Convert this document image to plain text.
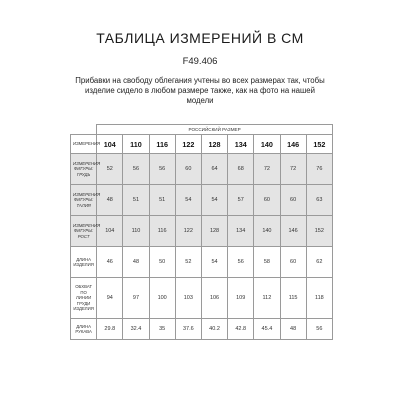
ТАБЛИЦА ИЗМЕРЕНИЙ В СМ
F49.406
Прибавки на свободу облегания учтены во всех размерах так, чтобы изделие сидело в любом размере также, как на фото на нашей модели
	РОССИЙСКИЙ РАЗМЕР								
ИЗМЕРЕНИЯ	104	110	116	122	128	134	140	146	152
ИЗМЕРЕНИЯ ФИГУРЫ: ГРУДЬ	52	56	56	60	64	68	72	72	76
ИЗМЕРЕНИЯ ФИГУРЫ: ТАЛИЯ	48	51	51	54	54	57	60	60	63
ИЗМЕРЕНИЯ ФИГУРЫ: РОСТ	104	110	116	122	128	134	140	146	152
ДЛИНА ИЗДЕЛИЯ	46	48	50	52	54	56	58	60	62
ОБХВАТ ПО ЛИНИИ ГРУДИ ИЗДЕЛИЯ	94	97	100	103	106	109	112	115	118
ДЛИНА РУКАВА	29.8	32.4	35	37.6	40.2	42.8	45.4	48	56
